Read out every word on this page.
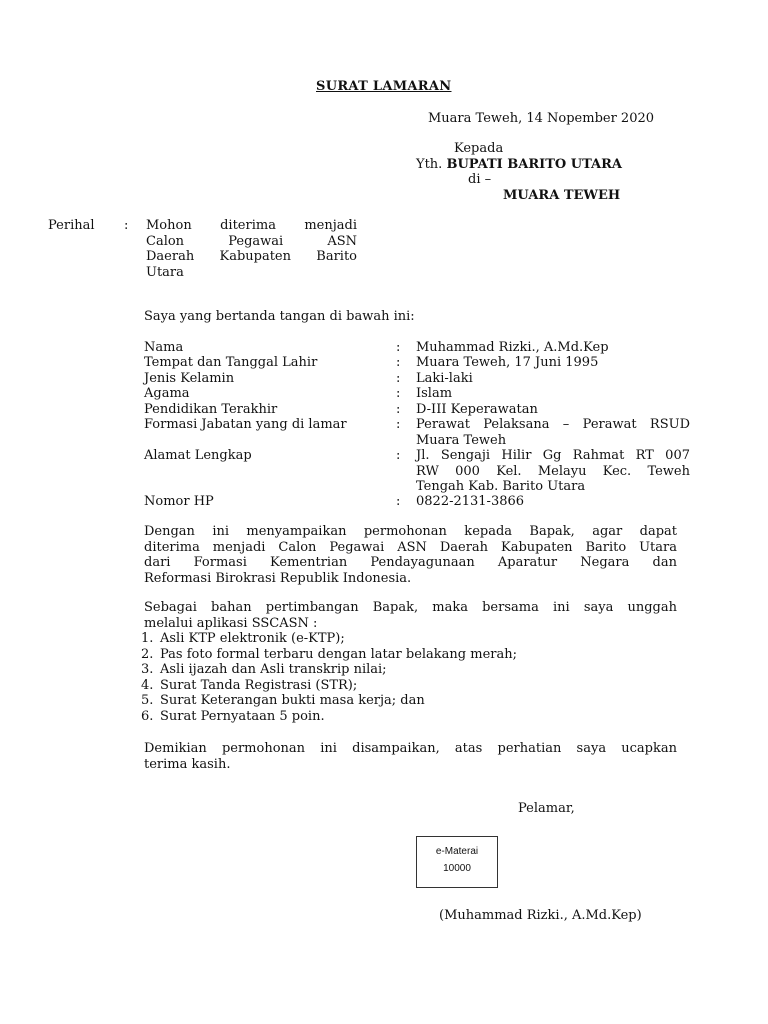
SURAT LAMARAN
Muara Teweh, 14 Nopember 2020
Kepada
Yth. BUPATI BARITO UTARA
di –
MUARA TEWEH
Perihal : Mohon diterima menjadi
Calon Pegawai ASN
Daerah Kabupaten Barito
Utara
Saya yang bertanda tangan di bawah ini:
Nama	: Muhammad Rizki., A.Md.Kep
Tempat dan Tanggal Lahir	: Muara Teweh, 17 Juni 1995
Jenis Kelamin	: Laki-laki
Agama	: Islam
Pendidikan Terakhir	: D-III Keperawatan
Formasi Jabatan yang di lamar	: Perawat Pelaksana – Perawat RSUD
Muara Teweh
Alamat Lengkap	: Jl. Sengaji Hilir Gg Rahmat RT 007
RW 000 Kel. Melayu Kec. Teweh
Tengah Kab. Barito Utara
Nomor HP	: 0822-2131-3866
Dengan ini menyampaikan permohonan kepada Bapak, agar dapat
diterima menjadi Calon Pegawai ASN Daerah Kabupaten Barito Utara
dari Formasi Kementrian Pendayagunaan Aparatur Negara dan
Reformasi Birokrasi Republik Indonesia.
Sebagai bahan pertimbangan Bapak, maka bersama ini saya unggah
melalui aplikasi SSCASN :
1. Asli KTP elektronik (e-KTP);
2. Pas foto formal terbaru dengan latar belakang merah;
3. Asli ijazah dan Asli transkrip nilai;
4. Surat Tanda Registrasi (STR);
5. Surat Keterangan bukti masa kerja; dan
6. Surat Pernyataan 5 poin.
Demikian permohonan ini disampaikan, atas perhatian saya ucapkan
terima kasih.
Pelamar,
e-Materai
10000
(Muhammad Rizki., A.Md.Kep)
